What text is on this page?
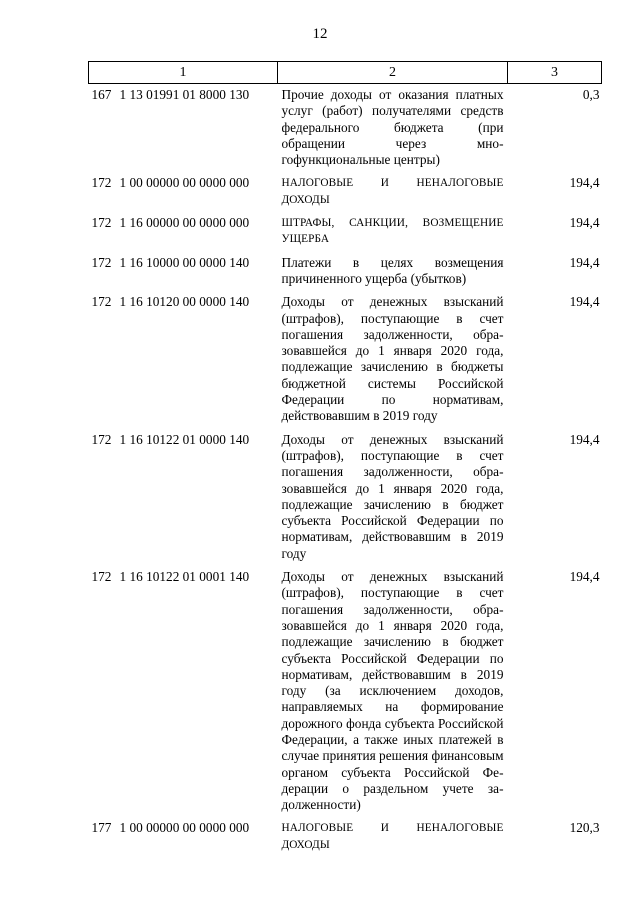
12
1	2	3
167 1 13 01991 01 8000 130	Прочие доходы от оказания платных услуг (работ) получателями средств федерального бюджета (при обращении через многофункциональные центры)	0,3
172 1 00 00000 00 0000 000	НАЛОГОВЫЕ И НЕНАЛОГОВЫЕ ДОХОДЫ	194,4
172 1 16 00000 00 0000 000	ШТРАФЫ, САНКЦИИ, ВОЗМЕЩЕНИЕ УЩЕРБА	194,4
172 1 16 10000 00 0000 140	Платежи в целях возмещения причиненного ущерба (убытков)	194,4
172 1 16 10120 00 0000 140	Доходы от денежных взысканий (штрафов), поступающие в счет погашения задолженности, образовавшейся до 1 января 2020 года, подлежащие зачислению в бюджеты бюджетной системы Российской Федерации по нормативам, действовавшим в 2019 году	194,4
172 1 16 10122 01 0000 140	Доходы от денежных взысканий (штрафов), поступающие в счет погашения задолженности, образовавшейся до 1 января 2020 года, подлежащие зачислению в бюджет субъекта Российской Федерации по нормативам, действовавшим в 2019 году	194,4
172 1 16 10122 01 0001 140	Доходы от денежных взысканий (штрафов), поступающие в счет погашения задолженности, образовавшейся до 1 января 2020 года, подлежащие зачислению в бюджет субъекта Российской Федерации по нормативам, действовавшим в 2019 году (за исключением доходов, направляемых на формирование дорожного фонда субъекта Российской Федерации, а также иных платежей в случае принятия решения финансовым органом субъекта Российской Федерации о раздельном учете задолженности)	194,4
177 1 00 00000 00 0000 000	НАЛОГОВЫЕ И НЕНАЛОГОВЫЕ ДОХОДЫ	120,3
